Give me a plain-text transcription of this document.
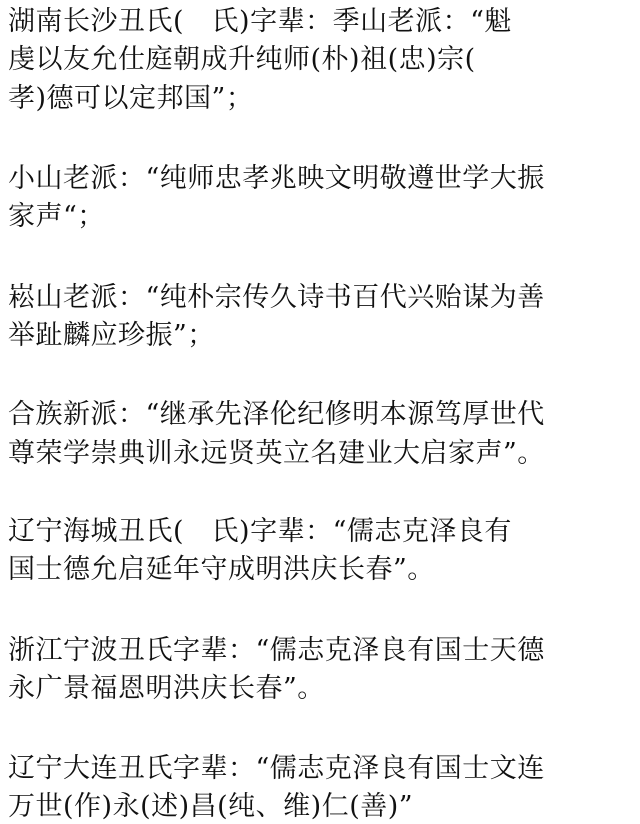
湖南长沙丑氏(　氏)字辈：季山老派：“魁
虔以友允仕庭朝成升纯师(朴)祖(忠)宗(
孝)德可以定邦国”；
小山老派：“纯师忠孝兆映文明敬遵世学大振
家声“；
崧山老派：“纯朴宗传久诗书百代兴贻谋为善
举趾麟应珍振”；
合族新派：“继承先泽伦纪修明本源笃厚世代
尊荣学崇典训永远贤英立名建业大启家声”。
辽宁海城丑氏(　氏)字辈：“儒志克泽良有
国士德允启延年守成明洪庆长春”。
浙江宁波丑氏字辈：“儒志克泽良有国士天德
永广景福恩明洪庆长春”。
辽宁大连丑氏字辈：“儒志克泽良有国士文连
万世(作)永(述)昌(纯、维)仁(善)”
